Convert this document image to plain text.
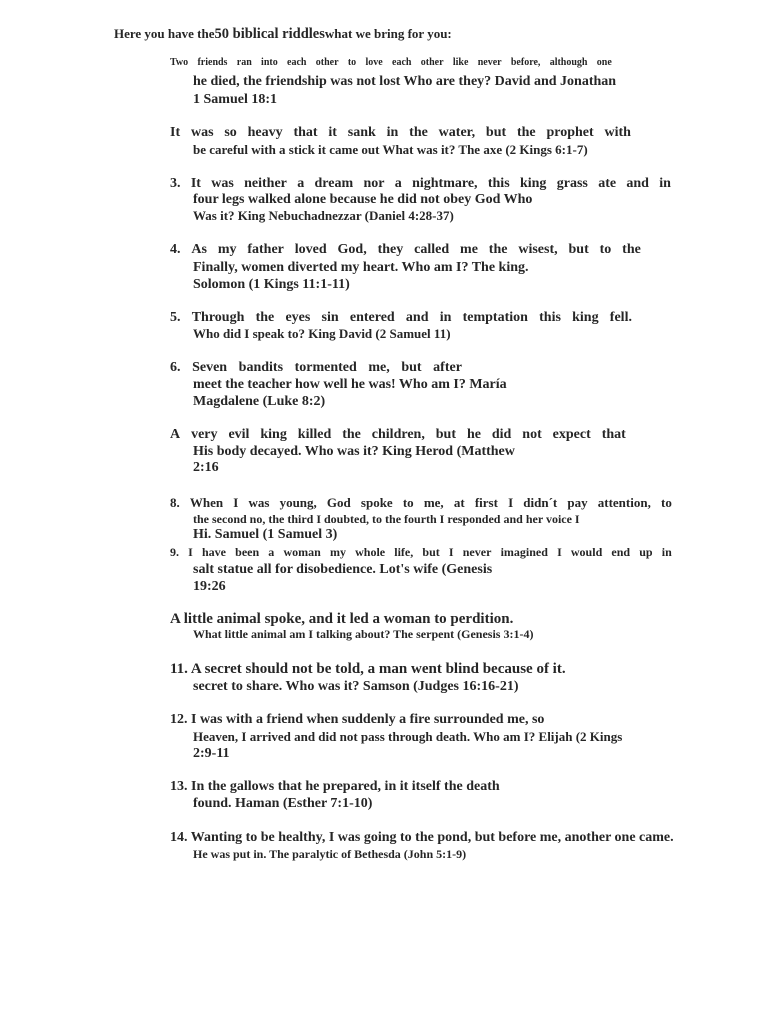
Here you have the50 biblical riddleswhat we bring for you:
Two friends ran into each other to love each other like never before, although one
he died, the friendship was not lost Who are they? David and Jonathan
1 Samuel 18:1
It was so heavy that it sank in the water, but the prophet with
be careful with a stick it came out What was it? The axe (2 Kings 6:1-7)
3. It was neither a dream nor a nightmare, this king grass ate and in
four legs walked alone because he did not obey God Who
Was it? King Nebuchadnezzar (Daniel 4:28-37)
4. As my father loved God, they called me the wisest, but to the
Finally, women diverted my heart. Who am I? The king.
Solomon (1 Kings 11:1-11)
5. Through the eyes sin entered and in temptation this king fell.
Who did I speak to? King David (2 Samuel 11)
6. Seven bandits tormented me, but after
meet the teacher how well he was! Who am I? María
Magdalene (Luke 8:2)
A very evil king killed the children, but he did not expect that
His body decayed. Who was it? King Herod (Matthew
2:16
8. When I was young, God spoke to me, at first I didn´t pay attention, to
the second no, the third I doubted, to the fourth I responded and her voice I
Hi. Samuel (1 Samuel 3)
9. I have been a woman my whole life, but I never imagined I would end up in
salt statue all for disobedience. Lot's wife (Genesis
19:26
A little animal spoke, and it led a woman to perdition.
What little animal am I talking about? The serpent (Genesis 3:1-4)
11. A secret should not be told, a man went blind because of it.
secret to share. Who was it? Samson (Judges 16:16-21)
12. I was with a friend when suddenly a fire surrounded me, so
Heaven, I arrived and did not pass through death. Who am I? Elijah (2 Kings
2:9-11
13. In the gallows that he prepared, in it itself the death
found. Haman (Esther 7:1-10)
14. Wanting to be healthy, I was going to the pond, but before me, another one came.
He was put in. The paralytic of Bethesda (John 5:1-9)
